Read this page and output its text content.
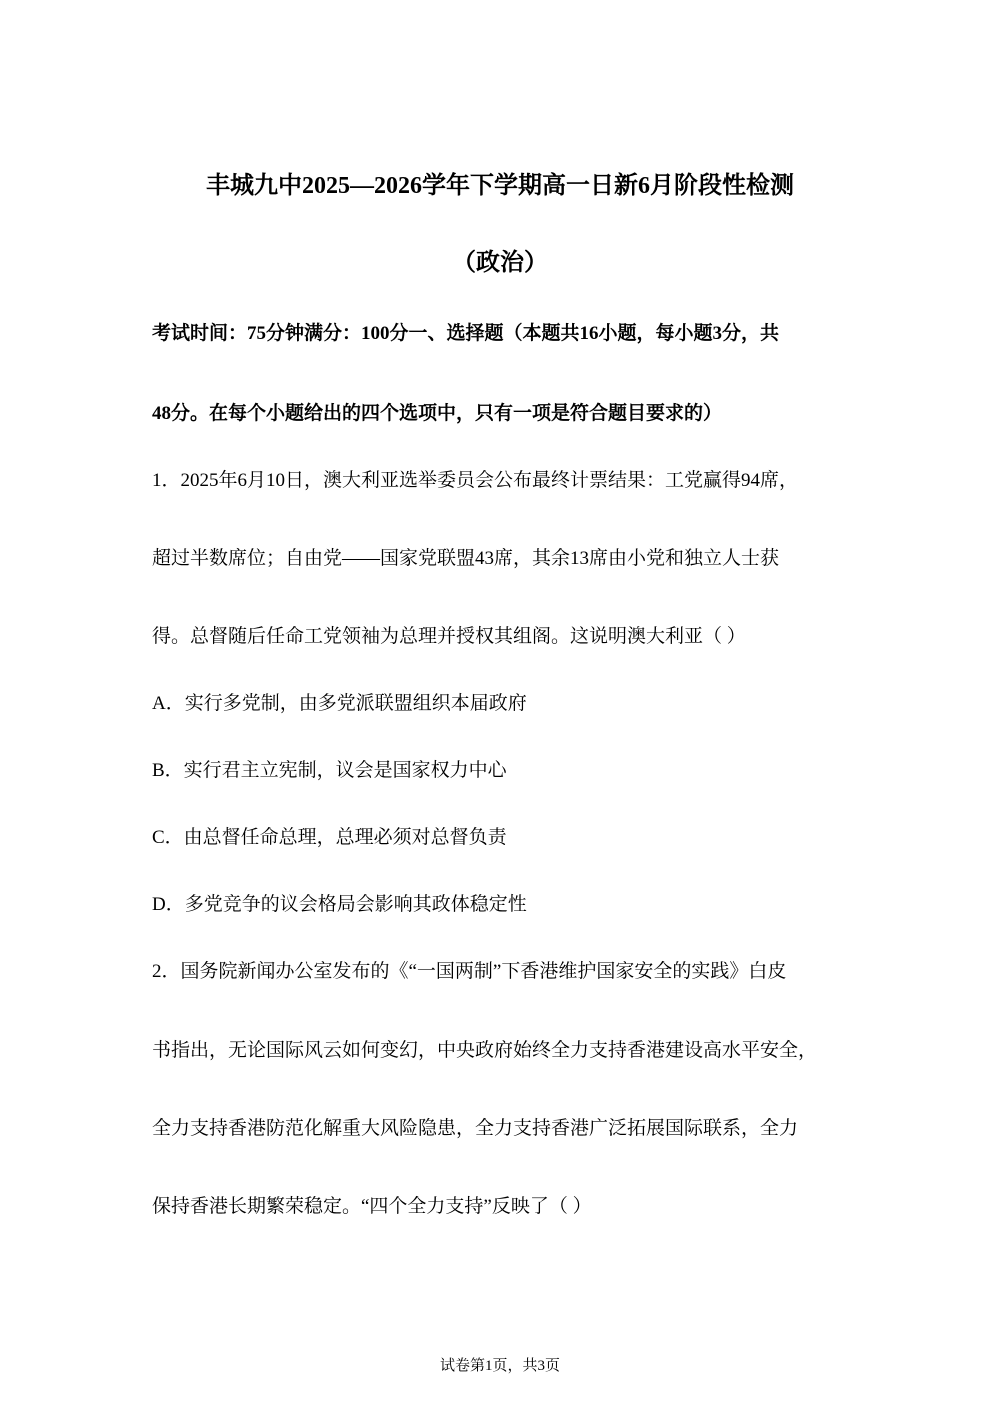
丰城九中2025—2026学年下学期高一日新6月阶段性检测
（政治）
考试时间：75分钟满分：100分一、选择题（本题共16小题，每小题3分，共
48分。在每个小题给出的四个选项中，只有一项是符合题目要求的）
1．2025年6月10日，澳大利亚选举委员会公布最终计票结果：工党赢得94席，
超过半数席位；自由党——国家党联盟43席，其余13席由小党和独立人士获
得。总督随后任命工党领袖为总理并授权其组阁。这说明澳大利亚（ ）
A．实行多党制，由多党派联盟组织本届政府
B．实行君主立宪制，议会是国家权力中心
C．由总督任命总理，总理必须对总督负责
D．多党竞争的议会格局会影响其政体稳定性
2．国务院新闻办公室发布的《“一国两制”下香港维护国家安全的实践》白皮
书指出，无论国际风云如何变幻，中央政府始终全力支持香港建设高水平安全，
全力支持香港防范化解重大风险隐患，全力支持香港广泛拓展国际联系，全力
保持香港长期繁荣稳定。“四个全力支持”反映了（ ）
试卷第1页，共3页
